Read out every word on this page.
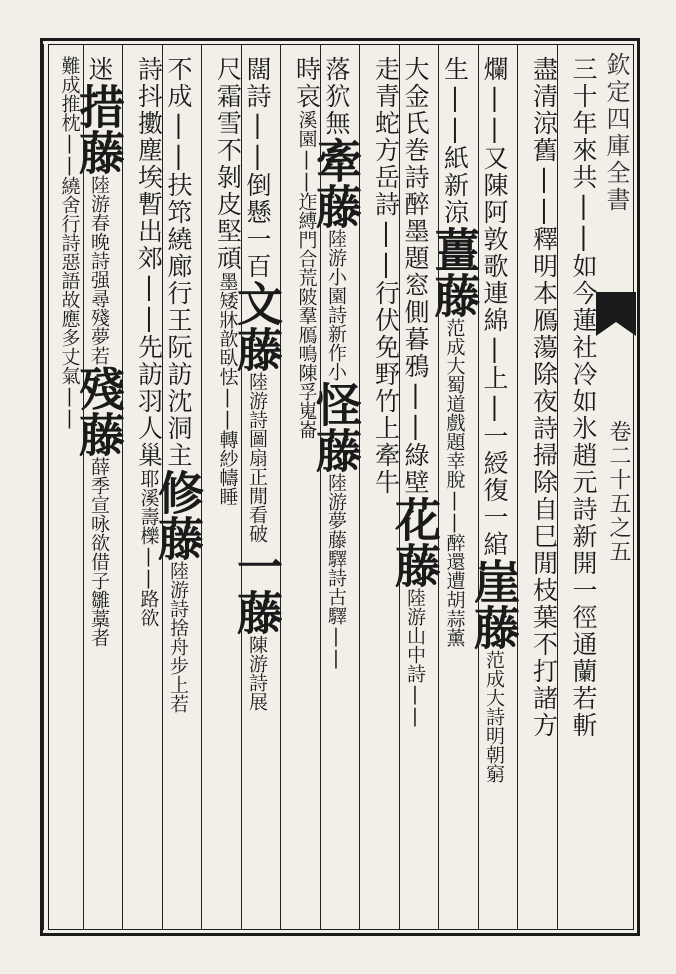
欽定四庫全書
卷二十五之五
三十年來共||如今蓮社冷如氷趙元詩新開一徑通蘭若斬
盡清涼舊||釋明本鴈蕩除夜詩掃除自巳閒枝葉不打諸方
爛||又陳阿敦歌連綿|上|一綬復一綰崖藤范成大詩明朝窮
生||紙新涼薑藤范成大蜀道戲題幸脫||醉還遭胡蒜薰
大金氏巻詩醉墨題窓側暮鴉||綠壁花藤陸游山中詩||
走青蛇方岳詩||行伏免野竹上牽牛
落狖無牽藤陸游小園詩新作小怪藤陸游夢藤驛詩古驛||
時哀溪園||迮縛門合荒陂羣鴈鳴陳孚嵬崙
闊詩||倒懸一百文藤陸游詩圖扇正閒看破一藤陳游詩展
尺霜雪不剝皮堅頑墨矮牀歆臥怯||轉紗幬睡
不成||扶筇繞廊行王阮訪沈洞主修藤陸游詩捨舟步上若
詩抖擻塵埃暫出郊||先訪羽人巢耶溪壽櫟||路欲
迷措藤陸游春晚詩强尋殘夢若殘藤薛季宣咏欲借子雛藁者
難成推枕||繞舍行詩惡語故應多丈氣||
